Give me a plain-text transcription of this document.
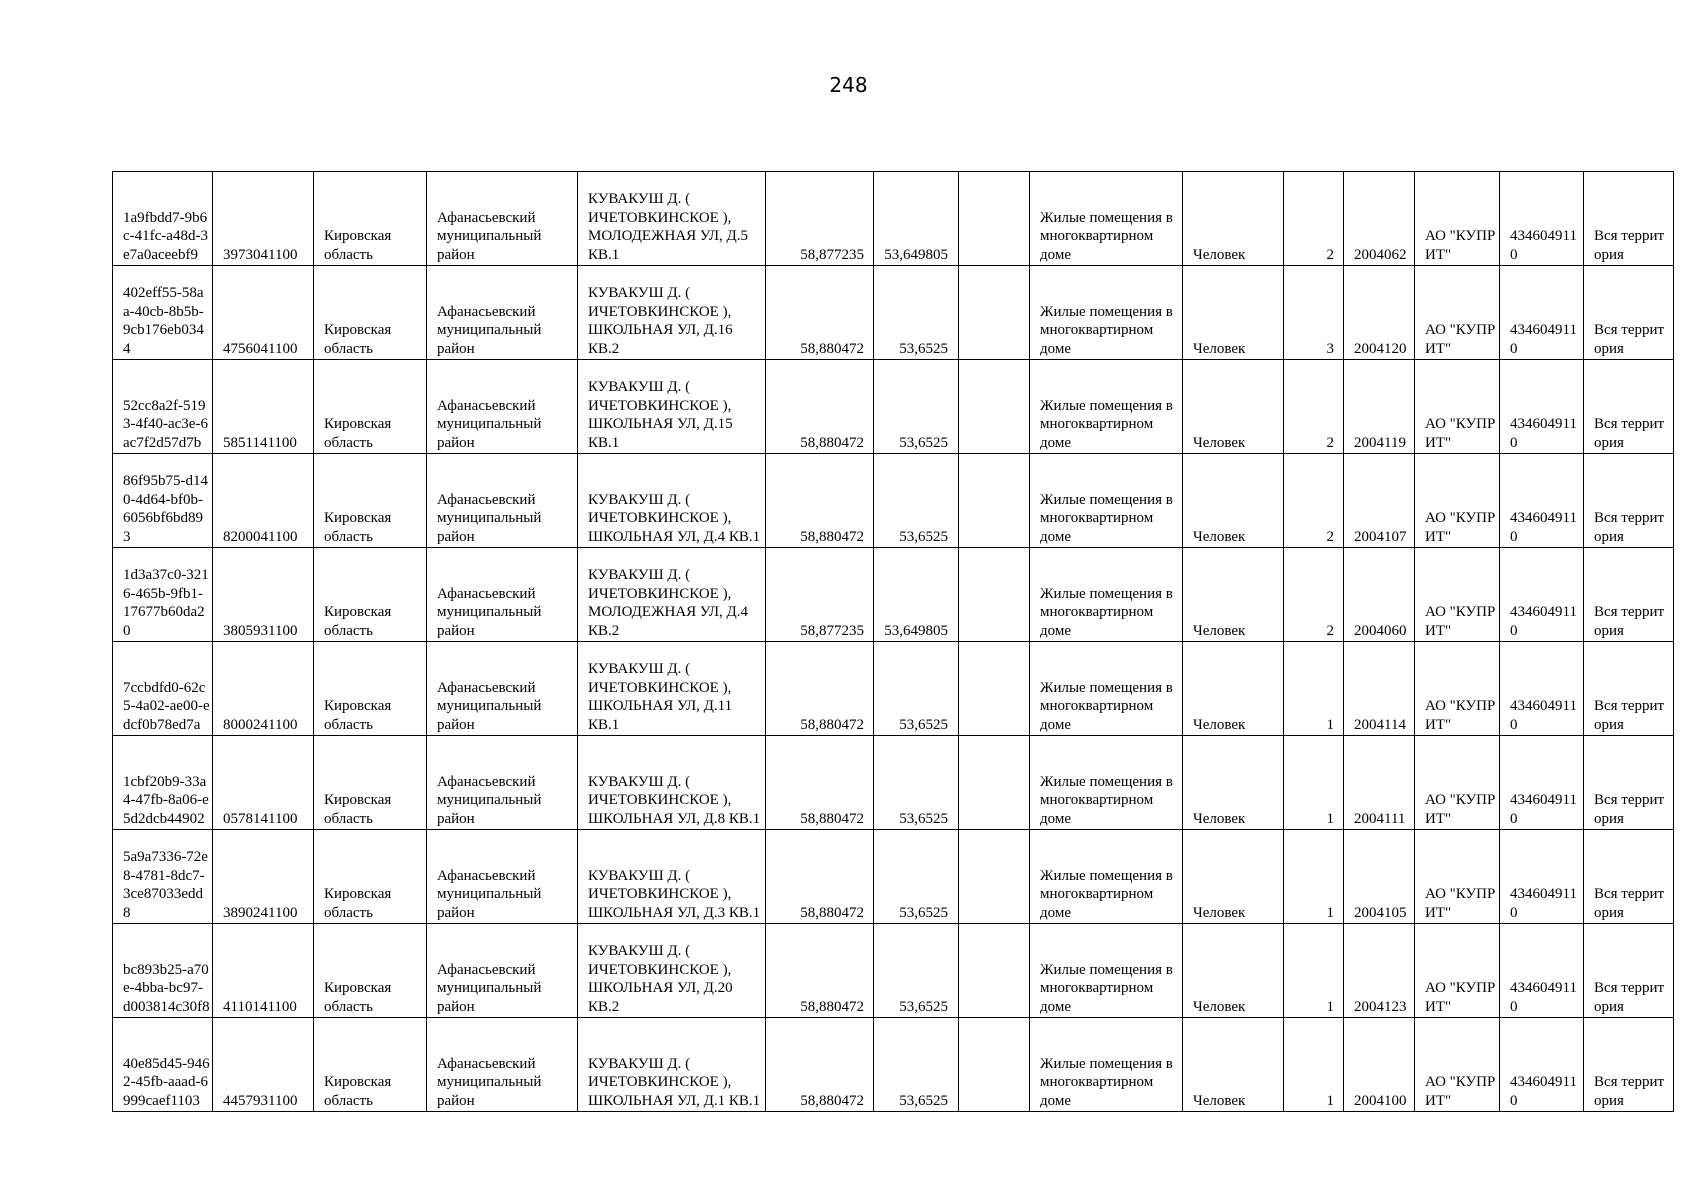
248
1a9fbdd7-9b6c-41fc-a48d-3e7a0aceebf9	3973041100	Кировская область	Афанасьевский муниципальный район	КУВАКУШ Д. ( ИЧЕТОВКИНСКОЕ ), МОЛОДЕЖНАЯ УЛ, Д.5 КВ.1	58,877235	53,649805		Жилые помещения в многоквартирном доме	Человек	2	2004062	АО "КУПРИТ"	4346049110	Вся территория
402eff55-58aa-40cb-8b5b-9cb176eb0344	4756041100	Кировская область	Афанасьевский муниципальный район	КУВАКУШ Д. ( ИЧЕТОВКИНСКОЕ ), ШКОЛЬНАЯ УЛ, Д.16 КВ.2	58,880472	53,6525		Жилые помещения в многоквартирном доме	Человек	3	2004120	АО "КУПРИТ"	4346049110	Вся территория
52cc8a2f-5193-4f40-ac3e-6ac7f2d57d7b	5851141100	Кировская область	Афанасьевский муниципальный район	КУВАКУШ Д. ( ИЧЕТОВКИНСКОЕ ), ШКОЛЬНАЯ УЛ, Д.15 КВ.1	58,880472	53,6525		Жилые помещения в многоквартирном доме	Человек	2	2004119	АО "КУПРИТ"	4346049110	Вся территория
86f95b75-d140-4d64-bf0b-6056bf6bd893	8200041100	Кировская область	Афанасьевский муниципальный район	КУВАКУШ Д. ( ИЧЕТОВКИНСКОЕ ), ШКОЛЬНАЯ УЛ, Д.4 КВ.1	58,880472	53,6525		Жилые помещения в многоквартирном доме	Человек	2	2004107	АО "КУПРИТ"	4346049110	Вся территория
1d3a37c0-3216-465b-9fb1-17677b60da20	3805931100	Кировская область	Афанасьевский муниципальный район	КУВАКУШ Д. ( ИЧЕТОВКИНСКОЕ ), МОЛОДЕЖНАЯ УЛ, Д.4 КВ.2	58,877235	53,649805		Жилые помещения в многоквартирном доме	Человек	2	2004060	АО "КУПРИТ"	4346049110	Вся территория
7ccbdfd0-62c5-4a02-ae00-edcf0b78ed7a	8000241100	Кировская область	Афанасьевский муниципальный район	КУВАКУШ Д. ( ИЧЕТОВКИНСКОЕ ), ШКОЛЬНАЯ УЛ, Д.11 КВ.1	58,880472	53,6525		Жилые помещения в многоквартирном доме	Человек	1	2004114	АО "КУПРИТ"	4346049110	Вся территория
1cbf20b9-33a4-47fb-8a06-e5d2dcb44902	0578141100	Кировская область	Афанасьевский муниципальный район	КУВАКУШ Д. ( ИЧЕТОВКИНСКОЕ ), ШКОЛЬНАЯ УЛ, Д.8 КВ.1	58,880472	53,6525		Жилые помещения в многоквартирном доме	Человек	1	2004111	АО "КУПРИТ"	4346049110	Вся территория
5a9a7336-72e8-4781-8dc7-3ce87033edd8	3890241100	Кировская область	Афанасьевский муниципальный район	КУВАКУШ Д. ( ИЧЕТОВКИНСКОЕ ), ШКОЛЬНАЯ УЛ, Д.3 КВ.1	58,880472	53,6525		Жилые помещения в многоквартирном доме	Человек	1	2004105	АО "КУПРИТ"	4346049110	Вся территория
bc893b25-a70e-4bba-bc97-d003814c30f8	4110141100	Кировская область	Афанасьевский муниципальный район	КУВАКУШ Д. ( ИЧЕТОВКИНСКОЕ ), ШКОЛЬНАЯ УЛ, Д.20 КВ.2	58,880472	53,6525		Жилые помещения в многоквартирном доме	Человек	1	2004123	АО "КУПРИТ"	4346049110	Вся территория
40e85d45-9462-45fb-aaad-6999caef1103	4457931100	Кировская область	Афанасьевский муниципальный район	КУВАКУШ Д. ( ИЧЕТОВКИНСКОЕ ), ШКОЛЬНАЯ УЛ, Д.1 КВ.1	58,880472	53,6525		Жилые помещения в многоквартирном доме	Человек	1	2004100	АО "КУПРИТ"	4346049110	Вся территория
